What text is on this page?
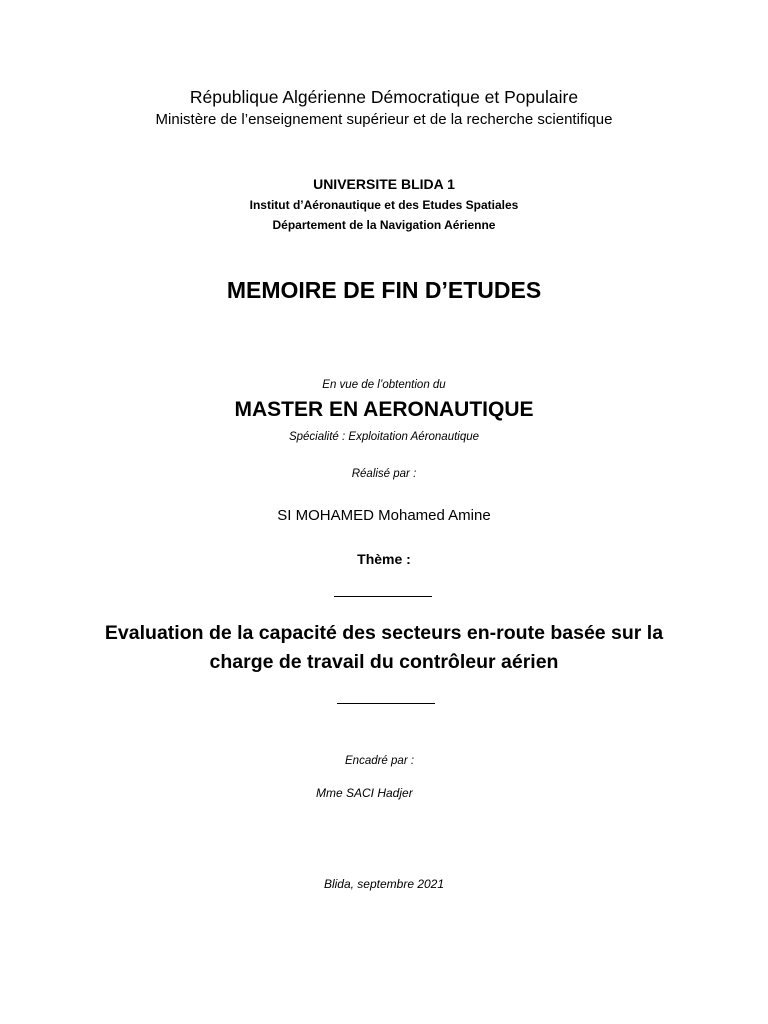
République Algérienne Démocratique et Populaire
Ministère de l’enseignement supérieur et de la recherche scientifique
UNIVERSITE BLIDA 1
Institut d’Aéronautique et des Etudes Spatiales
Département de la Navigation Aérienne
MEMOIRE DE FIN D’ETUDES
En vue de l’obtention du
MASTER EN AERONAUTIQUE
Spécialité : Exploitation Aéronautique
Réalisé par :
SI MOHAMED Mohamed Amine
Thème :
Evaluation de la capacité des secteurs en-route basée sur la
charge de travail du contrôleur aérien
Encadré par :
Mme SACI Hadjer
Blida, septembre 2021
